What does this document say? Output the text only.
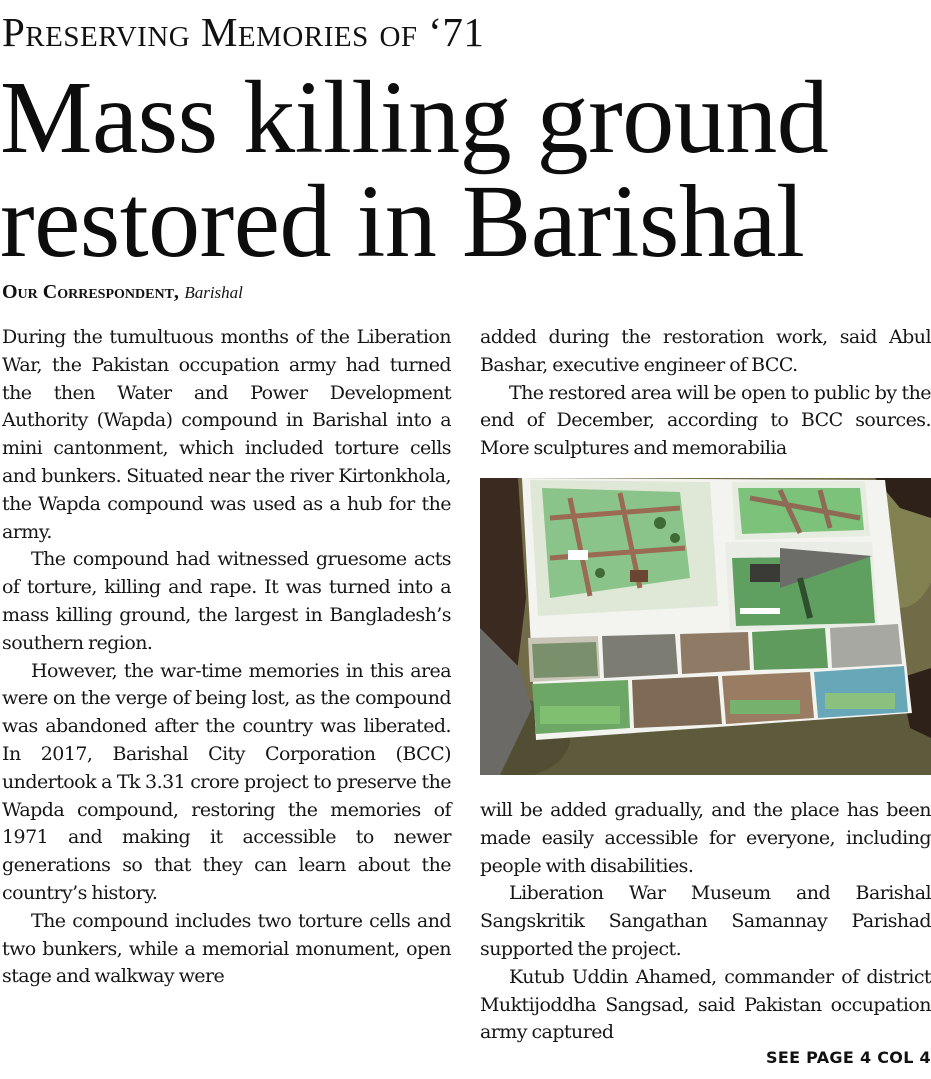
Preserving Memories of ‘71
Mass killing ground
restored in Barishal
Our Correspondent, Barishal

During the tumultuous months of the Liberation War, the Pakistan occupation army had turned the then Water and Power Development Authority (Wapda) compound in Barishal into a mini cantonment, which included torture cells and bunkers. Situated near the river Kirtonkhola, the Wapda compound was used as a hub for the army.

The compound had witnessed gruesome acts of torture, killing and rape. It was turned into a mass killing ground, the largest in Bangladesh’s southern region.

However, the war-time memories in this area were on the verge of being lost, as the compound was abandoned after the country was liberated. In 2017, Barishal City Corporation (BCC) undertook a Tk 3.31 crore project to preserve the Wapda compound, restoring the memories of 1971 and making it accessible to newer generations so that they can learn about the country’s history.

The compound includes two torture cells and two bunkers, while a memorial monument, open stage and walkway were

added during the restoration work, said Abul Bashar, executive engineer of BCC.

The restored area will be open to public by the end of December, according to BCC sources. More sculptures and memorabilia

will be added gradually, and the place has been made easily accessible for everyone, including people with disabilities.

Liberation War Museum and Barishal Sangskritik Sangathan Samannay Parishad supported the project.

Kutub Uddin Ahamed, commander of district Muktijoddha Sangsad, said Pakistan occupation army captured

SEE PAGE 4 COL 4
